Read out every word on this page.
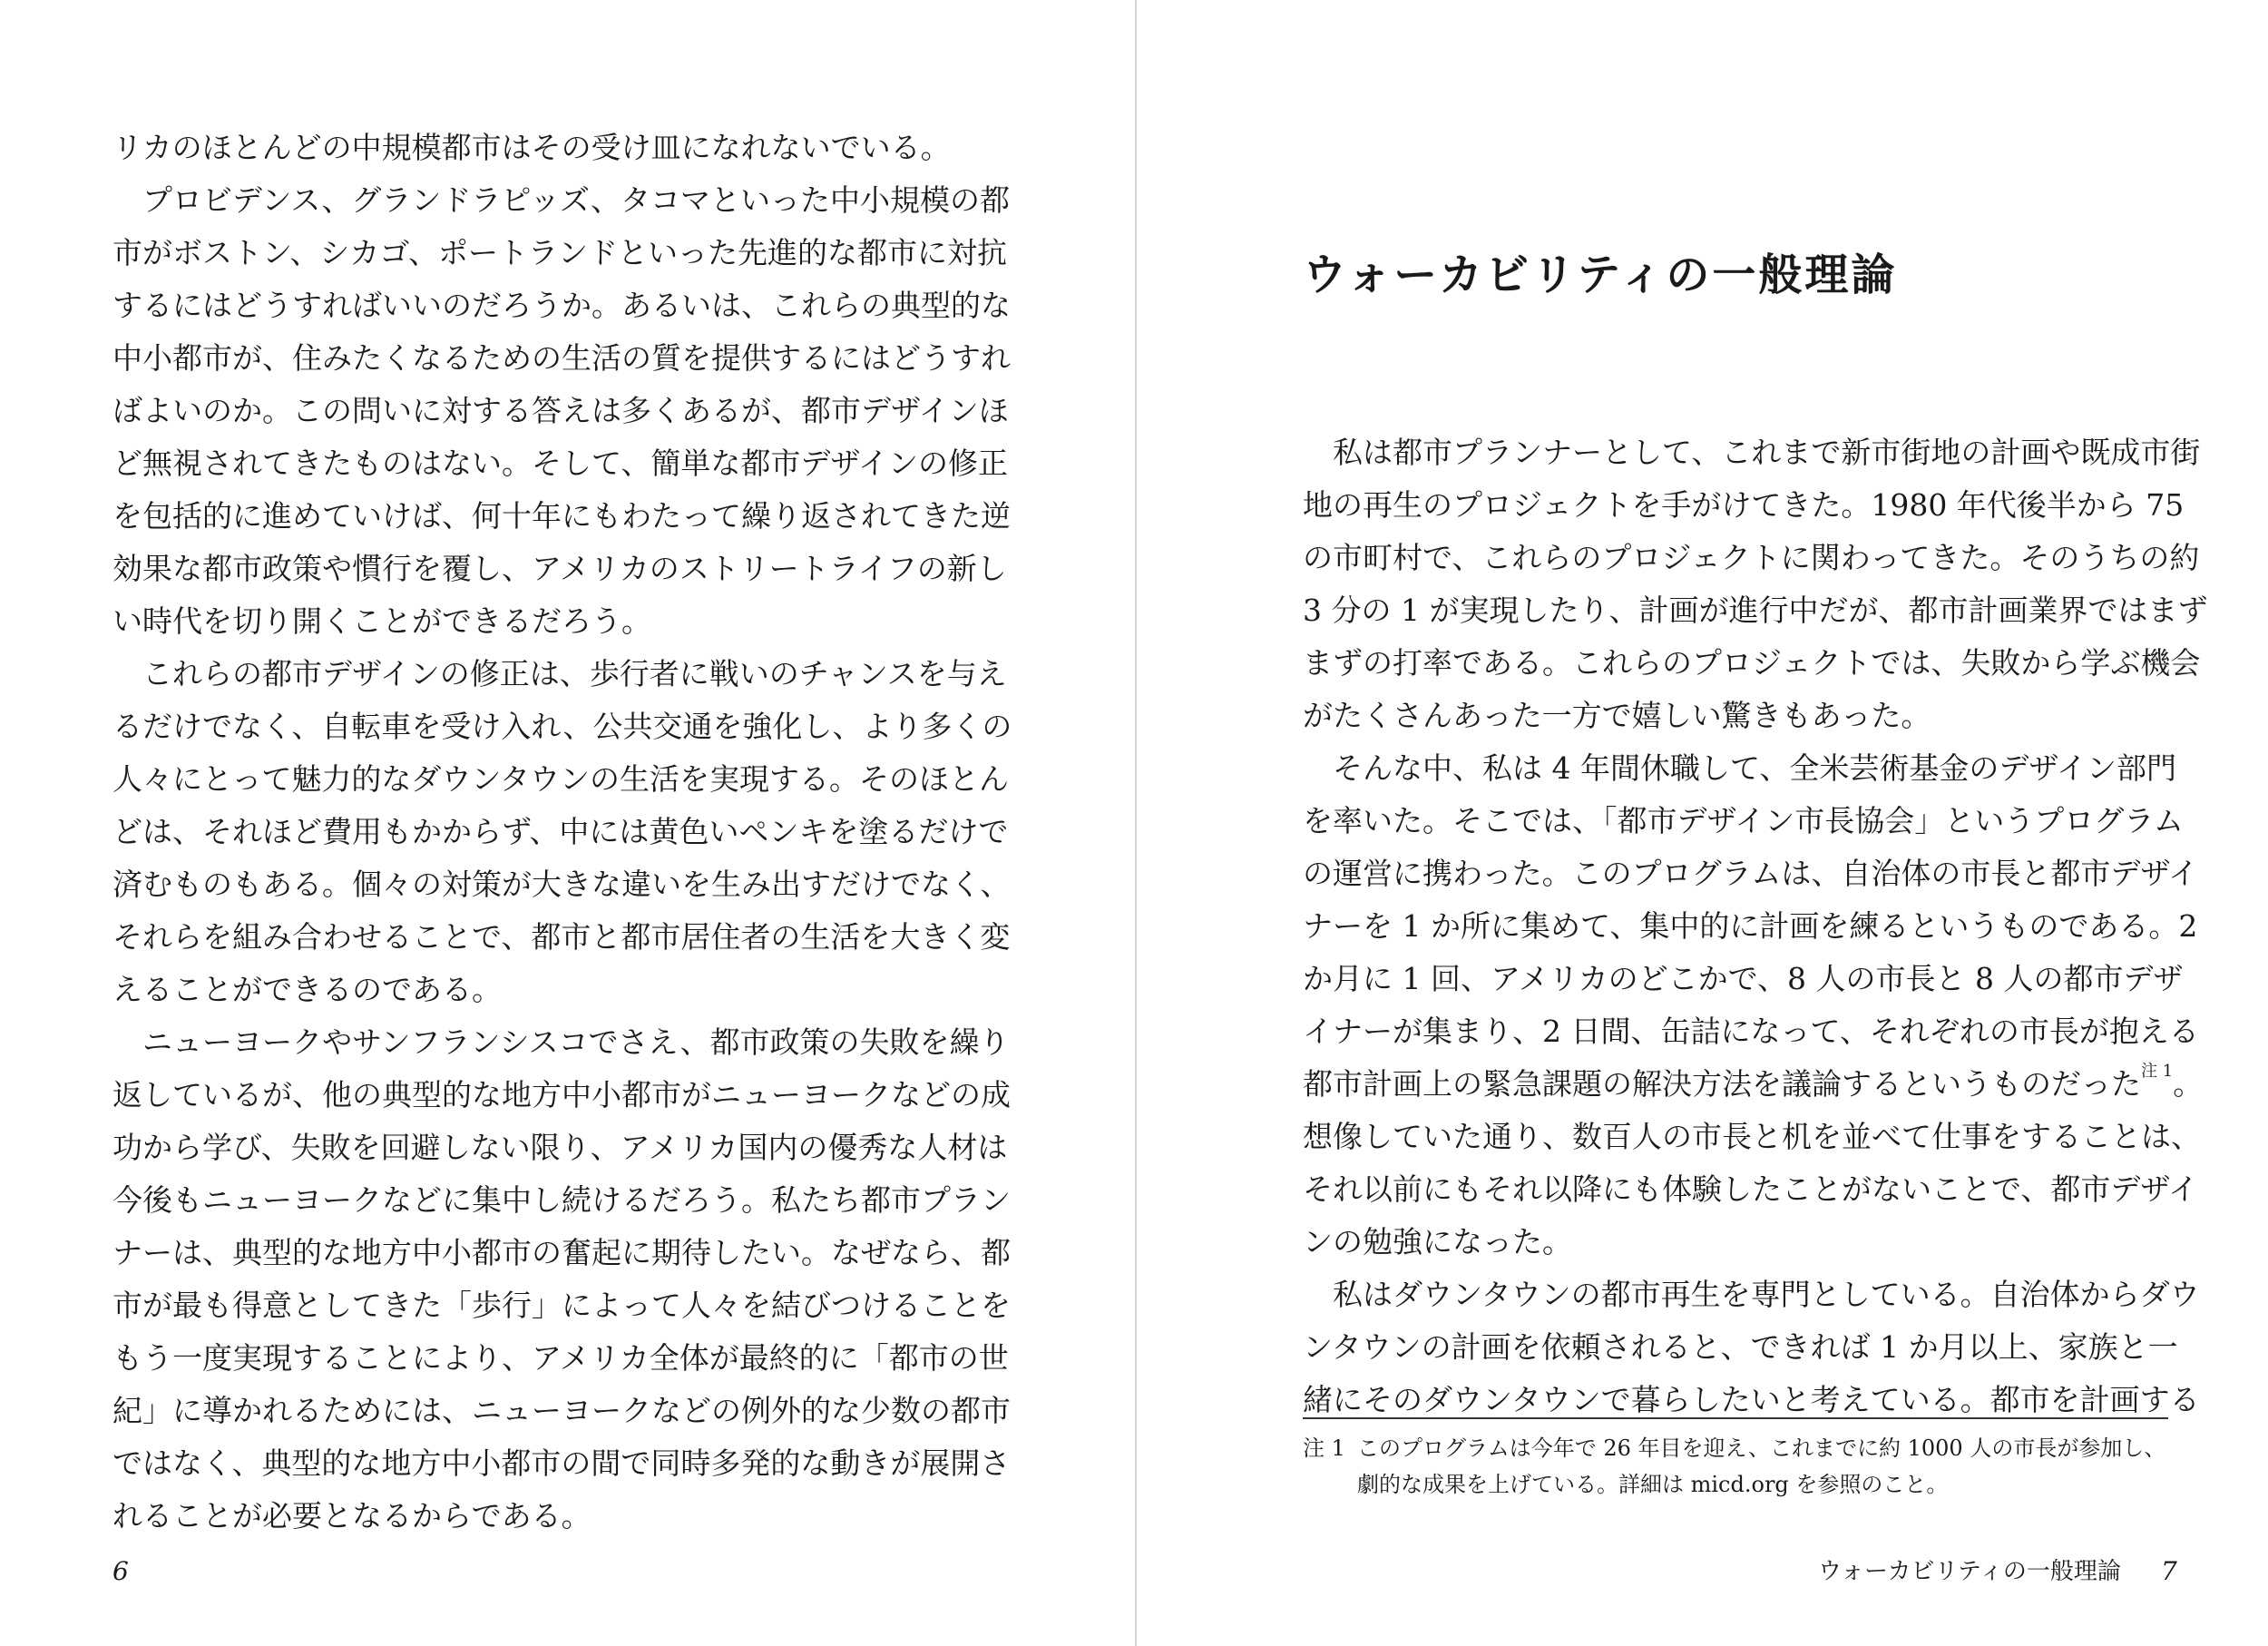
リカのほとんどの中規模都市はその受け皿になれないでいる。
　プロビデンス、グランドラピッズ、タコマといった中小規模の都
市がボストン、シカゴ、ポートランドといった先進的な都市に対抗
するにはどうすればいいのだろうか。あるいは、これらの典型的な
中小都市が、住みたくなるための生活の質を提供するにはどうすれ
ばよいのか。この問いに対する答えは多くあるが、都市デザインほ
ど無視されてきたものはない。そして、簡単な都市デザインの修正
を包括的に進めていけば、何十年にもわたって繰り返されてきた逆
効果な都市政策や慣行を覆し、アメリカのストリートライフの新し
い時代を切り開くことができるだろう。
　これらの都市デザインの修正は、歩行者に戦いのチャンスを与え
るだけでなく、自転車を受け入れ、公共交通を強化し、より多くの
人々にとって魅力的なダウンタウンの生活を実現する。そのほとん
どは、それほど費用もかからず、中には黄色いペンキを塗るだけで
済むものもある。個々の対策が大きな違いを生み出すだけでなく、
それらを組み合わせることで、都市と都市居住者の生活を大きく変
えることができるのである。
　ニューヨークやサンフランシスコでさえ、都市政策の失敗を繰り
返しているが、他の典型的な地方中小都市がニューヨークなどの成
功から学び、失敗を回避しない限り、アメリカ国内の優秀な人材は
今後もニューヨークなどに集中し続けるだろう。私たち都市プラン
ナーは、典型的な地方中小都市の奮起に期待したい。なぜなら、都
市が最も得意としてきた「歩行」によって人々を結びつけることを
もう一度実現することにより、アメリカ全体が最終的に「都市の世
紀」に導かれるためには、ニューヨークなどの例外的な少数の都市
ではなく、典型的な地方中小都市の間で同時多発的な動きが展開さ
れることが必要となるからである。
6
ウォーカビリティの一般理論
　私は都市プランナーとして、これまで新市街地の計画や既成市街
地の再生のプロジェクトを手がけてきた。1980 年代後半から 75
の市町村で、これらのプロジェクトに関わってきた。そのうちの約
3 分の 1 が実現したり、計画が進行中だが、都市計画業界ではまず
まずの打率である。これらのプロジェクトでは、失敗から学ぶ機会
がたくさんあった一方で嬉しい驚きもあった。
　そんな中、私は 4 年間休職して、全米芸術基金のデザイン部門
を率いた。そこでは、「都市デザイン市長協会」というプログラム
の運営に携わった。このプログラムは、自治体の市長と都市デザイ
ナーを 1 か所に集めて、集中的に計画を練るというものである。2
か月に 1 回、アメリカのどこかで、8 人の市長と 8 人の都市デザ
イナーが集まり、2 日間、缶詰になって、それぞれの市長が抱える
都市計画上の緊急課題の解決方法を議論するというものだった$^{注 1}$。
想像していた通り、数百人の市長と机を並べて仕事をすることは、
それ以前にもそれ以降にも体験したことがないことで、都市デザイ
ンの勉強になった。
　私はダウンタウンの都市再生を専門としている。自治体からダウ
ンタウンの計画を依頼されると、できれば 1 か月以上、家族と一
緒にそのダウンタウンで暮らしたいと考えている。都市を計画する
注 1 このプログラムは今年で 26 年目を迎え、これまでに約 1000 人の市長が参加し、
劇的な成果を上げている。詳細は micd.org を参照のこと。
ウォーカビリティの一般理論 7
